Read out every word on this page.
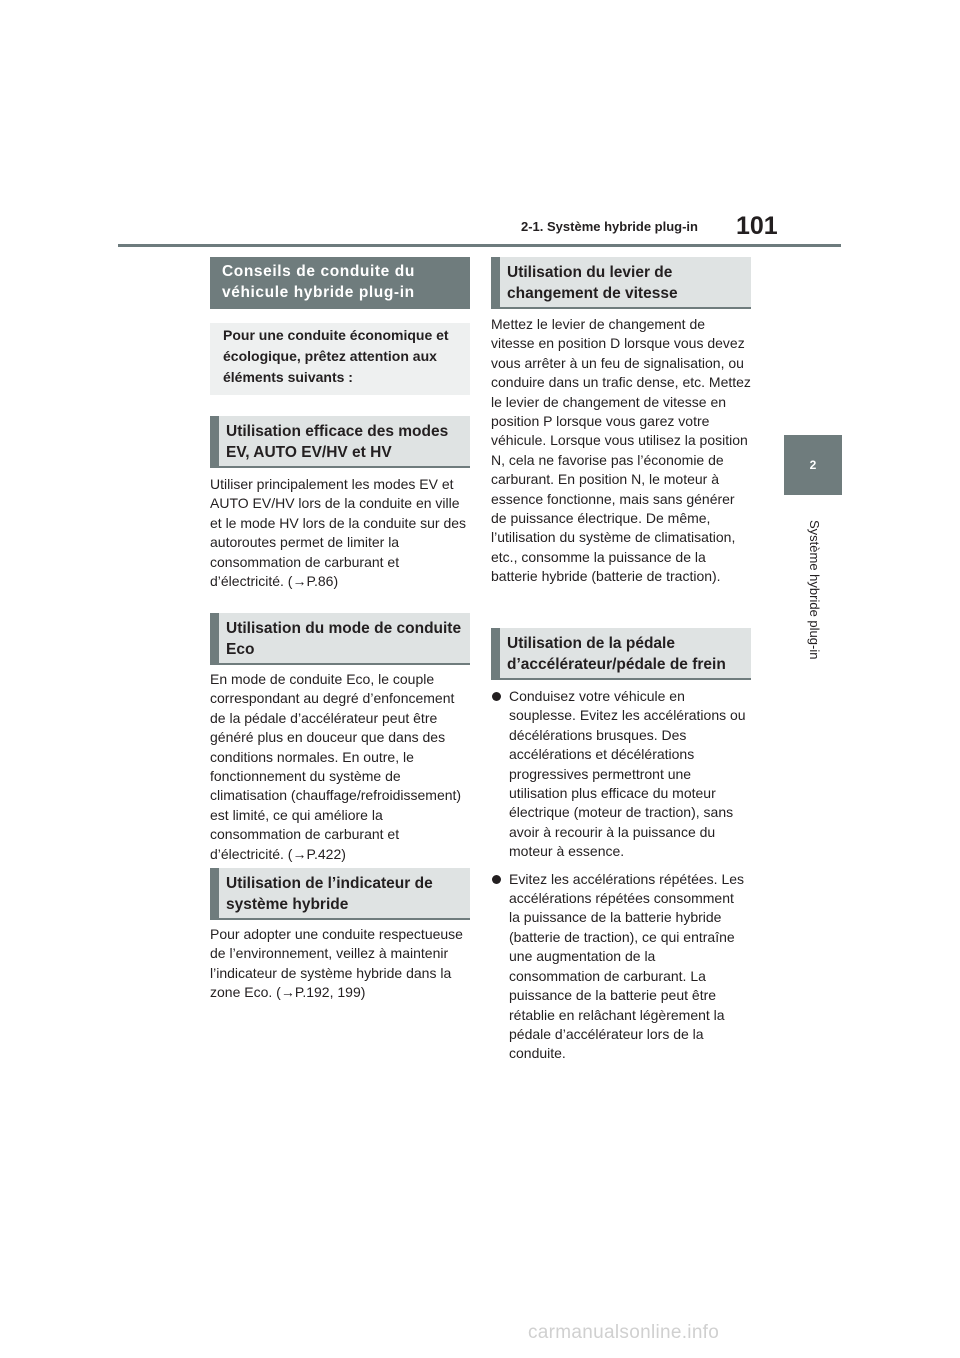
2-1. Système hybride plug-in 101
2
Système hybride plug-in
Conseils de conduite du véhicule hybride plug-in
Pour une conduite économique et écologique, prêtez attention aux éléments suivants :
Utilisation efficace des modes EV, AUTO EV/HV et HV
Utiliser principalement les modes EV et AUTO EV/HV lors de la conduite en ville et le mode HV lors de la conduite sur des autoroutes permet de limiter la consommation de carburant et d’électricité. (→P.86)
Utilisation du mode de conduite Eco
En mode de conduite Eco, le couple correspondant au degré d’enfoncement de la pédale d’accélérateur peut être généré plus en douceur que dans des conditions normales. En outre, le fonctionnement du système de climatisation (chauffage/refroidissement) est limité, ce qui améliore la consommation de carburant et d’électricité. (→P.422)
Utilisation de l’indicateur de système hybride
Pour adopter une conduite respectueuse de l’environnement, veillez à maintenir l’indicateur de système hybride dans la zone Eco. (→P.192, 199)
Utilisation du levier de changement de vitesse
Mettez le levier de changement de vitesse en position D lorsque vous devez vous arrêter à un feu de signalisation, ou conduire dans un trafic dense, etc. Mettez le levier de changement de vitesse en position P lorsque vous garez votre véhicule. Lorsque vous utilisez la position N, cela ne favorise pas l’économie de carburant. En position N, le moteur à essence fonctionne, mais sans générer de puissance électrique. De même, l’utilisation du système de climatisation, etc., consomme la puissance de la batterie hybride (batterie de traction).
Utilisation de la pédale d’accélérateur/pédale de frein
Conduisez votre véhicule en souplesse. Evitez les accélérations ou décélérations brusques. Des accélérations et décélérations progressives permettront une utilisation plus efficace du moteur électrique (moteur de traction), sans avoir à recourir à la puissance du moteur à essence.
Evitez les accélérations répétées. Les accélérations répétées consomment la puissance de la batterie hybride (batterie de traction), ce qui entraîne une augmentation de la consommation de carburant. La puissance de la batterie peut être rétablie en relâchant légèrement la pédale d’accélérateur lors de la conduite.
carmanualsonline.info
